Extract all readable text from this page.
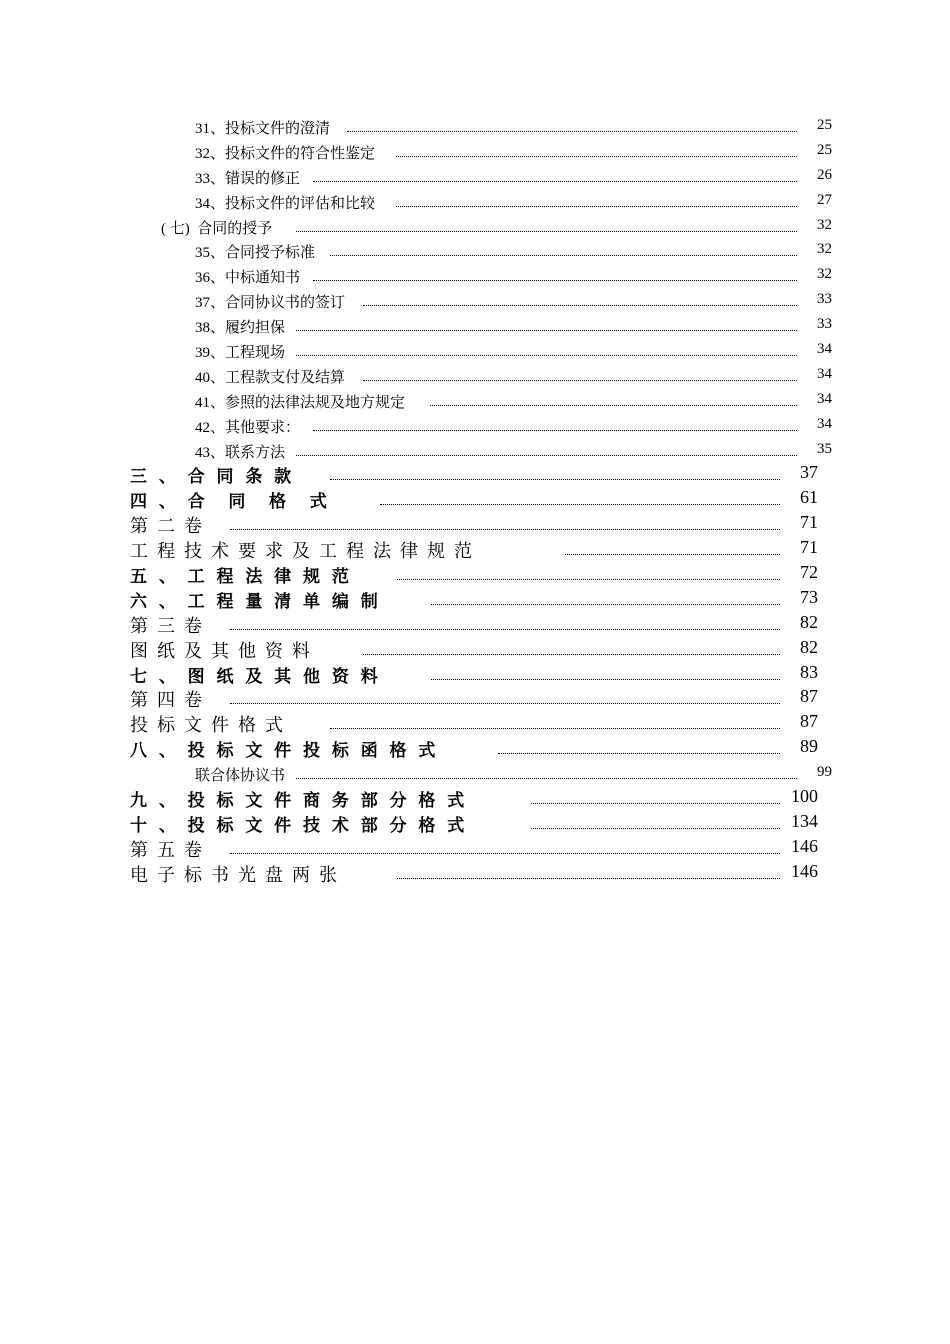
31、投标文件的澄清	25
32、投标文件的符合性鉴定	25
33、错误的修正	26
34、投标文件的评估和比较	27
( 七)  合同的授予	32
35、合同授予标准	32
36、中标通知书	32
37、合同协议书的签订	33
38、履约担保	33
39、工程现场	34
40、工程款支付及结算	34
41、参照的法律法规及地方规定	34
42、其他要求：	34
43、联系方法	35
三  、  合  同  条  款	37
四  、  合    同    格    式	61
第  二  卷	71
工  程  技  术  要  求  及  工  程  法  律  规  范	71
五  、  工  程  法  律  规  范	72
六  、  工  程  量  清  单  编  制	73
第  三  卷	82
图  纸  及  其  他  资  料	82
七  、  图  纸  及  其  他  资  料	83
第  四  卷	87
投  标  文  件  格  式	87
八  、  投  标  文  件  投  标  函  格  式	89
联合体协议书	99
九  、  投  标  文  件  商  务  部  分  格  式	100
十  、  投  标  文  件  技  术  部  分  格  式	134
第  五  卷	146
电  子  标  书  光  盘  两  张	146
